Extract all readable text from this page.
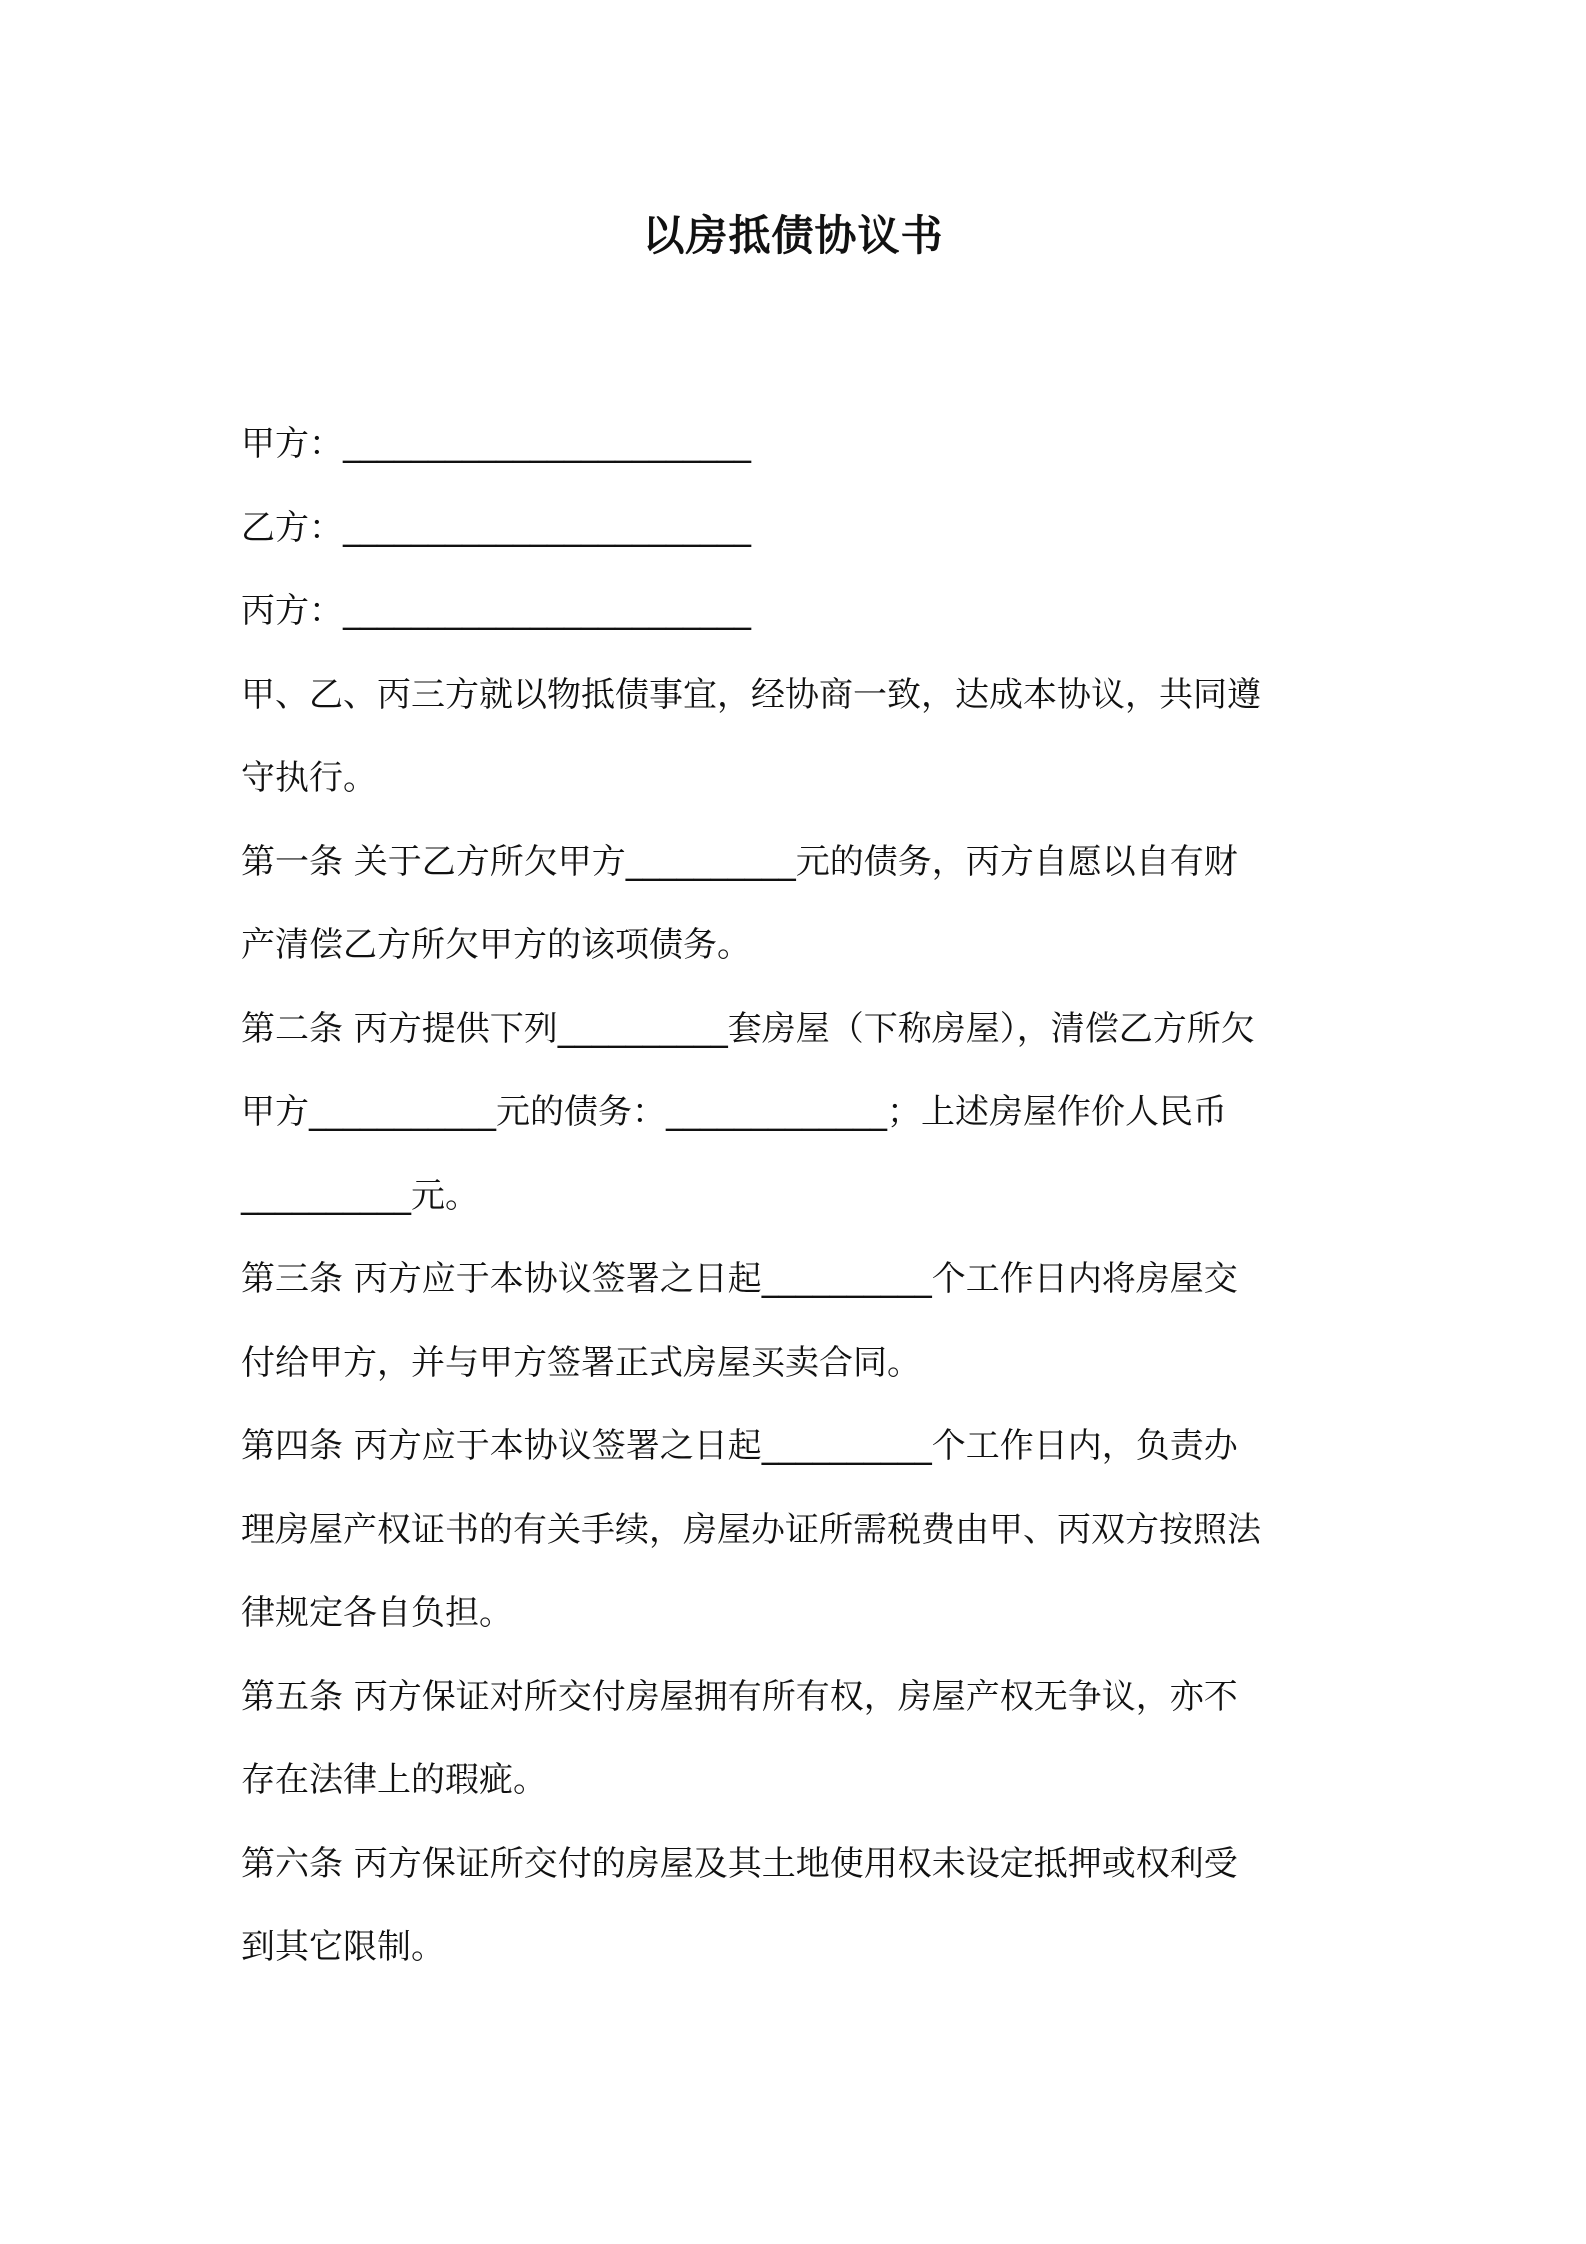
以房抵债协议书
甲方：________________________
乙方：________________________
丙方：________________________
甲、乙、丙三方就以物抵债事宜，经协商一致，达成本协议，共同遵
守执行。
第一条 关于乙方所欠甲方__________元的债务，丙方自愿以自有财
产清偿乙方所欠甲方的该项债务。
第二条 丙方提供下列__________套房屋（下称房屋），清偿乙方所欠
甲方___________元的债务：_____________；上述房屋作价人民币
__________元。
第三条 丙方应于本协议签署之日起__________个工作日内将房屋交
付给甲方，并与甲方签署正式房屋买卖合同。
第四条 丙方应于本协议签署之日起__________个工作日内，负责办
理房屋产权证书的有关手续，房屋办证所需税费由甲、丙双方按照法
律规定各自负担。
第五条 丙方保证对所交付房屋拥有所有权，房屋产权无争议，亦不
存在法律上的瑕疵。
第六条 丙方保证所交付的房屋及其土地使用权未设定抵押或权利受
到其它限制。
